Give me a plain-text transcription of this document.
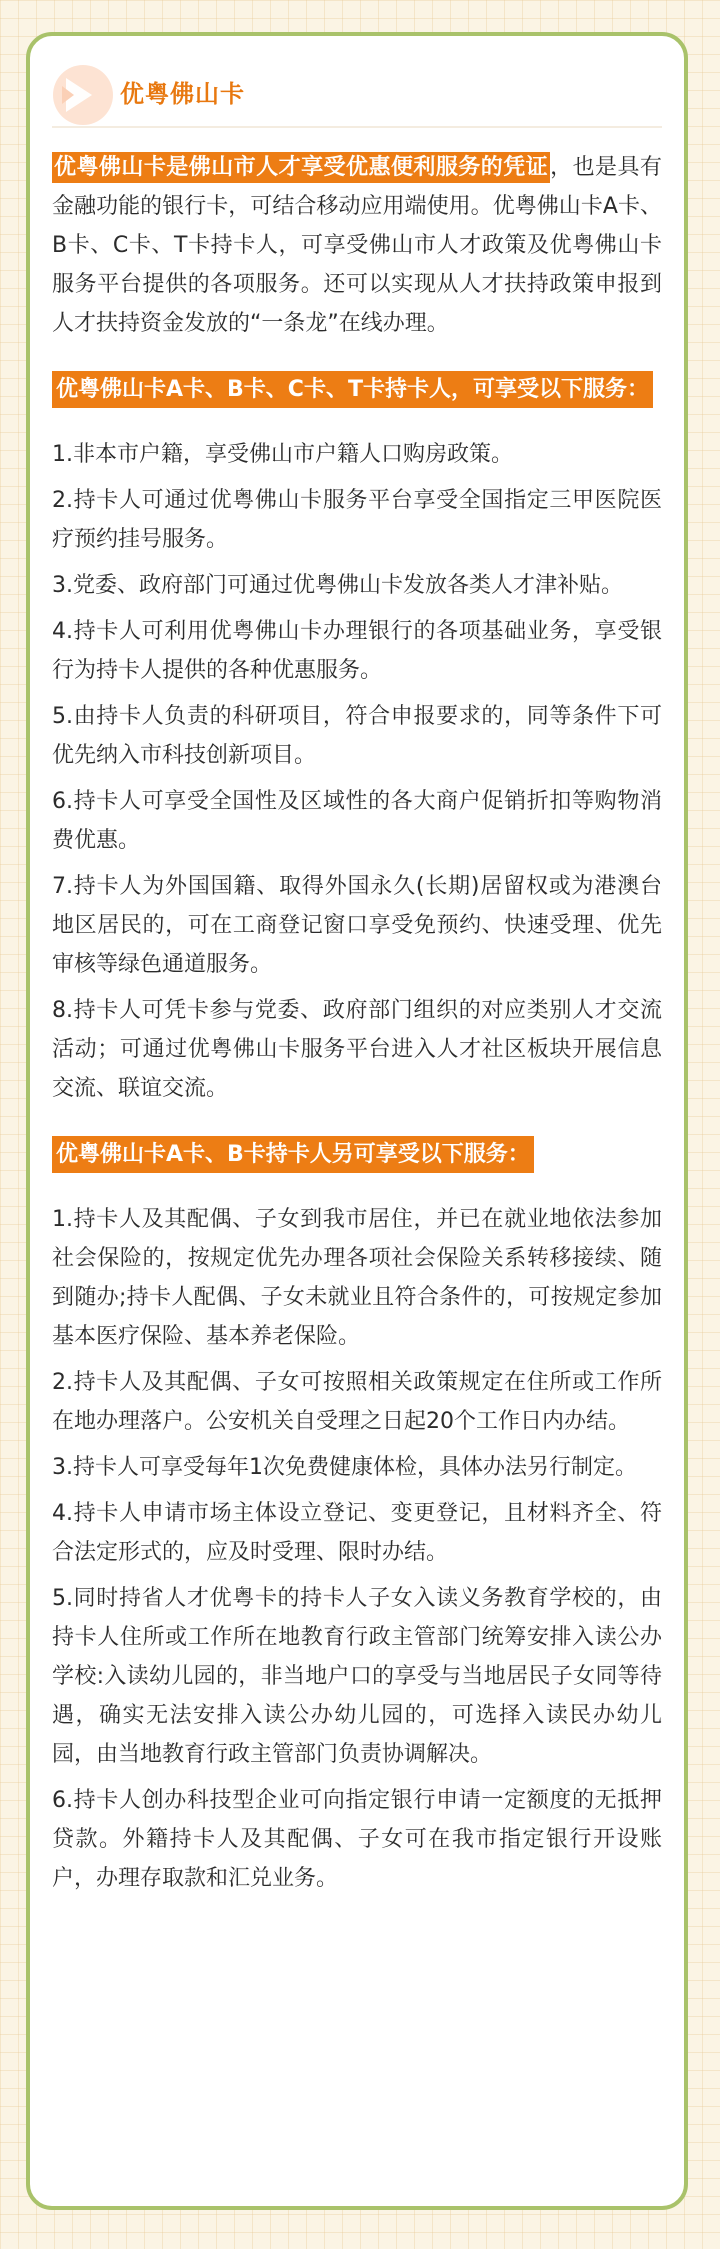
优粤佛山卡

优粤佛山卡是佛山市人才享受优惠便利服务的凭证，也是具有金融功能的银行卡，可结合移动应用端使用。优粤佛山卡A卡、B卡、C卡、T卡持卡人，可享受佛山市人才政策及优粤佛山卡服务平台提供的各项服务。还可以实现从人才扶持政策申报到人才扶持资金发放的“一条龙”在线办理。

优粤佛山卡A卡、B卡、C卡、T卡持卡人，可享受以下服务：

1.非本市户籍，享受佛山市户籍人口购房政策。

2.持卡人可通过优粤佛山卡服务平台享受全国指定三甲医院医疗预约挂号服务。

3.党委、政府部门可通过优粤佛山卡发放各类人才津补贴。

4.持卡人可利用优粤佛山卡办理银行的各项基础业务，享受银行为持卡人提供的各种优惠服务。

5.由持卡人负责的科研项目，符合申报要求的，同等条件下可优先纳入市科技创新项目。

6.持卡人可享受全国性及区域性的各大商户促销折扣等购物消费优惠。

7.持卡人为外国国籍、取得外国永久(长期)居留权或为港澳台地区居民的，可在工商登记窗口享受免预约、快速受理、优先审核等绿色通道服务。

8.持卡人可凭卡参与党委、政府部门组织的对应类别人才交流活动；可通过优粤佛山卡服务平台进入人才社区板块开展信息交流、联谊交流。

优粤佛山卡A卡、B卡持卡人另可享受以下服务：

1.持卡人及其配偶、子女到我市居住，并已在就业地依法参加社会保险的，按规定优先办理各项社会保险关系转移接续、随到随办;持卡人配偶、子女未就业且符合条件的，可按规定参加基本医疗保险、基本养老保险。

2.持卡人及其配偶、子女可按照相关政策规定在住所或工作所在地办理落户。公安机关自受理之日起20个工作日内办结。

3.持卡人可享受每年1次免费健康体检，具体办法另行制定。

4.持卡人申请市场主体设立登记、变更登记，且材料齐全、符合法定形式的，应及时受理、限时办结。

5.同时持省人才优粤卡的持卡人子女入读义务教育学校的，由持卡人住所或工作所在地教育行政主管部门统筹安排入读公办学校:入读幼儿园的，非当地户口的享受与当地居民子女同等待遇，确实无法安排入读公办幼儿园的，可选择入读民办幼儿园，由当地教育行政主管部门负责协调解决。

6.持卡人创办科技型企业可向指定银行申请一定额度的无抵押贷款。外籍持卡人及其配偶、子女可在我市指定银行开设账户，办理存取款和汇兑业务。
